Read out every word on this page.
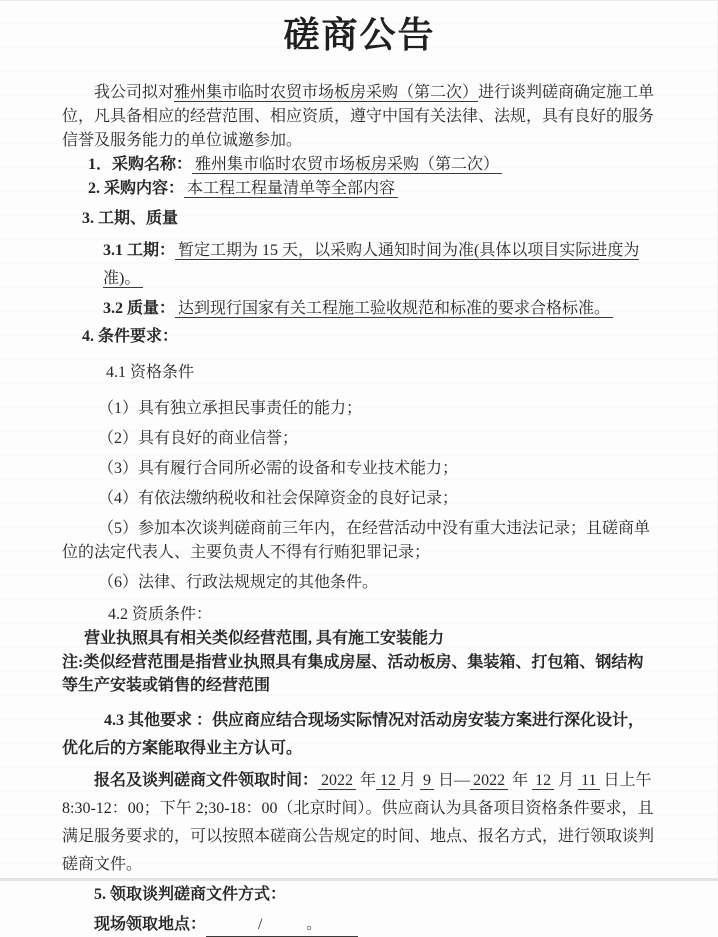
磋商公告

我公司拟对雅州集市临时农贸市场板房采购（第二次）进行谈判磋商确定施工单位，凡具备相应的经营范围、相应资质，遵守中国有关法律、法规，具有良好的服务信誉及服务能力的单位诚邀参加。

1．采购名称： 雅州集市临时农贸市场板房采购（第二次）

2. 采购内容： 本工程工程量清单等全部内容

3. 工期、质量

3.1 工期： 暂定工期为 15 天，以采购人通知时间为准(具体以项目实际进度为准)。

3.2 质量： 达到现行国家有关工程施工验收规范和标准的要求合格标准。

4. 条件要求：

4.1 资格条件

（1）具有独立承担民事责任的能力；

（2）具有良好的商业信誉；

（3）具有履行合同所必需的设备和专业技术能力；

（4）有依法缴纳税收和社会保障资金的良好记录；

（5）参加本次谈判磋商前三年内，在经营活动中没有重大违法记录；且磋商单位的法定代表人、主要负责人不得有行贿犯罪记录；

（6）法律、行政法规规定的其他条件。

4.2 资质条件：

营业执照具有相关类似经营范围, 具有施工安装能力

注:类似经营范围是指营业执照具有集成房屋、活动板房、集装箱、打包箱、钢结构等生产安装或销售的经营范围

4.3 其他要求 ：供应商应结合现场实际情况对活动房安装方案进行深化设计，优化后的方案能取得业主方认可。

报名及谈判磋商文件领取时间： 2022 年 12 月 9 日— 2022 年 12 月 11 日上午 8:30-12：00；下午 2;30-18：00（北京时间）。供应商认为具备项目资格条件要求，且满足服务要求的，可以按照本磋商公告规定的时间、地点、报名方式，进行领取谈判磋商文件。

5. 领取谈判磋商文件方式：

现场领取地点：	/	。
